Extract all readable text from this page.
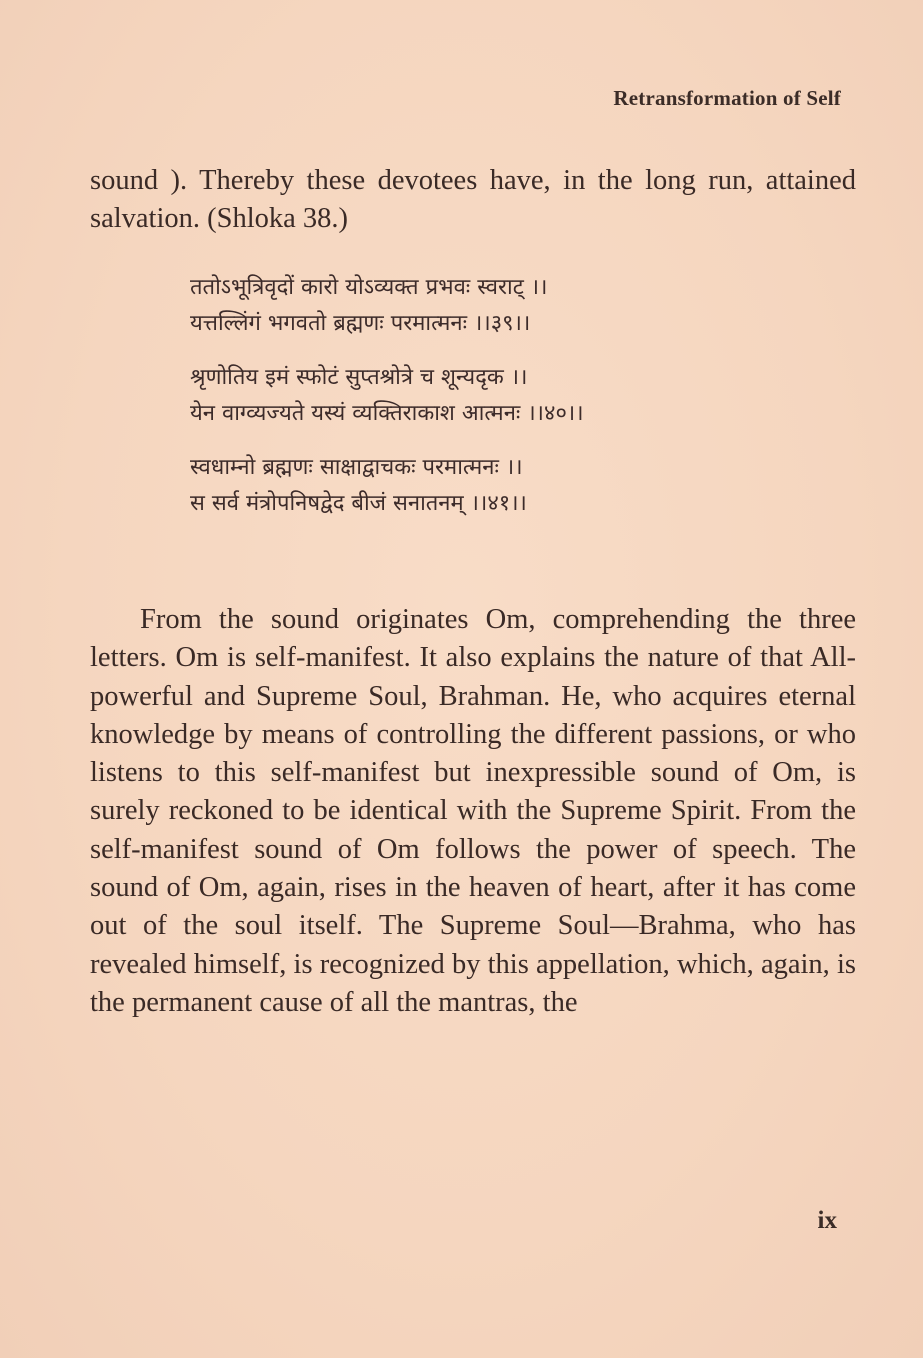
Retransformation of Self

sound ). Thereby these devotees have, in the long run, attained salvation. (Shloka 38.)

ततोऽभूत्रिवृदों कारो योऽव्यक्त प्रभवः स्वराट् ।।
यत्तल्लिंगं भगवतो ब्रह्मणः परमात्मनः ।।३९।।
श्रृणोतिय इमं स्फोटं सुप्तश्रोत्रे च शून्यदृक ।।
येन वाग्व्यज्यते यस्यं व्यक्तिराकाश आत्मनः ।।४०।।
स्वधाम्नो ब्रह्मणः साक्षाद्वाचकः परमात्मनः ।।
स सर्व मंत्रोपनिषद्वेद बीजं सनातनम् ।।४१।।

From the sound originates Om, comprehending the three letters. Om is self-manifest. It also explains the nature of that All-powerful and Supreme Soul, Brahman. He, who acquires eternal knowledge by means of controlling the different passions, or who listens to this self-manifest but inexpressible sound of Om, is surely reckoned to be identical with the Supreme Spirit. From the self-manifest sound of Om follows the power of speech. The sound of Om, again, rises in the heaven of heart, after it has come out of the soul itself. The Supreme Soul—Brahma, who has revealed himself, is recognized by this appellation, which, again, is the permanent cause of all the mantras, the

ix
